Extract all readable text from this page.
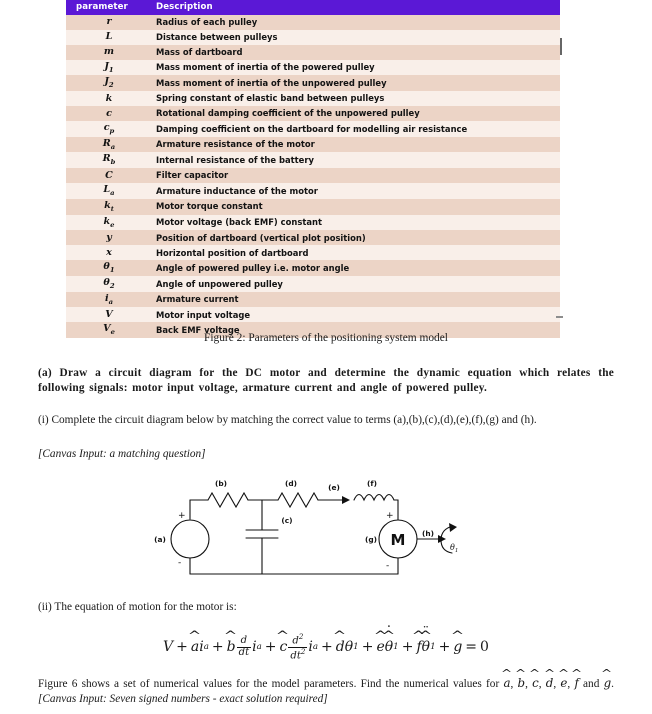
parameter	Description
r	Radius of each pulley
L	Distance between pulleys
m	Mass of dartboard
$J_1$	Mass moment of inertia of the powered pulley
$J_2$	Mass moment of inertia of the unpowered pulley
k	Spring constant of elastic band between pulleys
c	Rotational damping coefficient of the unpowered pulley
$c_p$	Damping coefficient on the dartboard for modelling air resistance
$R_a$	Armature resistance of the motor
$R_b$	Internal resistance of the battery
C	Filter capacitor
$L_a$	Armature inductance of the motor
$k_t$	Motor torque constant
$k_e$	Motor voltage (back EMF) constant
y	Position of dartboard (vertical plot position)
x	Horizontal position of dartboard
$\theta_1$	Angle of powered pulley i.e. motor angle
$\theta_2$	Angle of unpowered pulley
$i_a$	Armature current
V	Motor input voltage
$V_e$	Back EMF voltage
Figure 2: Parameters of the positioning system model
(a) Draw a circuit diagram for the DC motor and determine the dynamic equation which relates the following signals: motor input voltage, armature current and angle of powered pulley.
(i) Complete the circuit diagram below by matching the correct value to terms (a),(b),(c),(d),(e),(f),(g) and (h).
[Canvas Input: a matching question]
(b)	(d)	(e)	(f)
(c)
(a)	(g)
(h)
+
-
+
-
M	$\theta_1$
(ii) The equation of motion for the motor is:
V + ^ a i a + ^ b $\frac{d}{dt}$ i a + ^ c $\frac{d^2}{dt^2}$ i a + ^ d θ 1 + ^ e ^ θ ˙ 1 + ^ f ^ θ ¨ 1 + ^ g = 0
Figure 6 shows a set of numerical values for the model parameters. Find the numerical values for ^ a, ^ b, ^ c, ^ d, ^ e, ^ f and ^ g. [Canvas Input: Seven signed numbers - exact solution required]
